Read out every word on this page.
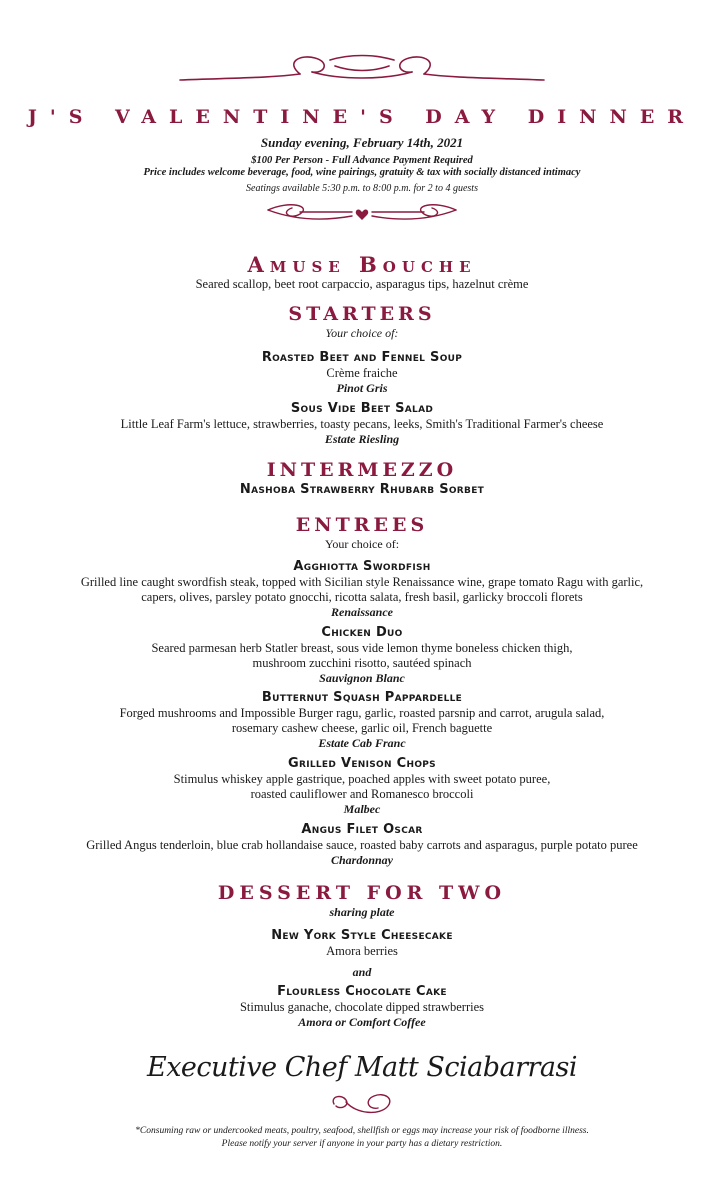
J'S VALENTINE'S DAY DINNER

Sunday evening, February 14th, 2021

$100 Per Person - Full Advance Payment Required

Price includes welcome beverage, food, wine pairings, gratuity & tax with socially distanced intimacy

Seatings available 5:30 p.m. to 8:00 p.m. for 2 to 4 guests

Amuse Bouche

Seared scallop, beet root carpaccio, asparagus tips, hazelnut crème

STARTERS

Your choice of:

Roasted Beet and Fennel Soup

Crème fraiche

Pinot Gris

Sous Vide Beet Salad

Little Leaf Farm's lettuce, strawberries, toasty pecans, leeks, Smith's Traditional Farmer's cheese

Estate Riesling

INTERMEZZO

Nashoba Strawberry Rhubarb Sorbet

ENTREES

Your choice of:

Agghiotta Swordfish

Grilled line caught swordfish steak, topped with Sicilian style Renaissance wine, grape tomato Ragu with garlic,

capers, olives, parsley potato gnocchi, ricotta salata, fresh basil, garlicky broccoli florets

Renaissance

Chicken Duo

Seared parmesan herb Statler breast, sous vide lemon thyme boneless chicken thigh,

mushroom zucchini risotto, sautéed spinach

Sauvignon Blanc

Butternut Squash Pappardelle

Forged mushrooms and Impossible Burger ragu, garlic, roasted parsnip and carrot, arugula salad,

rosemary cashew cheese, garlic oil, French baguette

Estate Cab Franc

Grilled Venison Chops

Stimulus whiskey apple gastrique, poached apples with sweet potato puree,

roasted cauliflower and Romanesco broccoli

Malbec

Angus Filet Oscar

Grilled Angus tenderloin, blue crab hollandaise sauce, roasted baby carrots and asparagus, purple potato puree

Chardonnay

DESSERT FOR TWO

sharing plate

New York Style Cheesecake

Amora berries

and

Flourless Chocolate Cake

Stimulus ganache, chocolate dipped strawberries

Amora or Comfort Coffee

Executive Chef Matt Sciabarrasi

*Consuming raw or undercooked meats, poultry, seafood, shellfish or eggs may increase your risk of foodborne illness.

Please notify your server if anyone in your party has a dietary restriction.
